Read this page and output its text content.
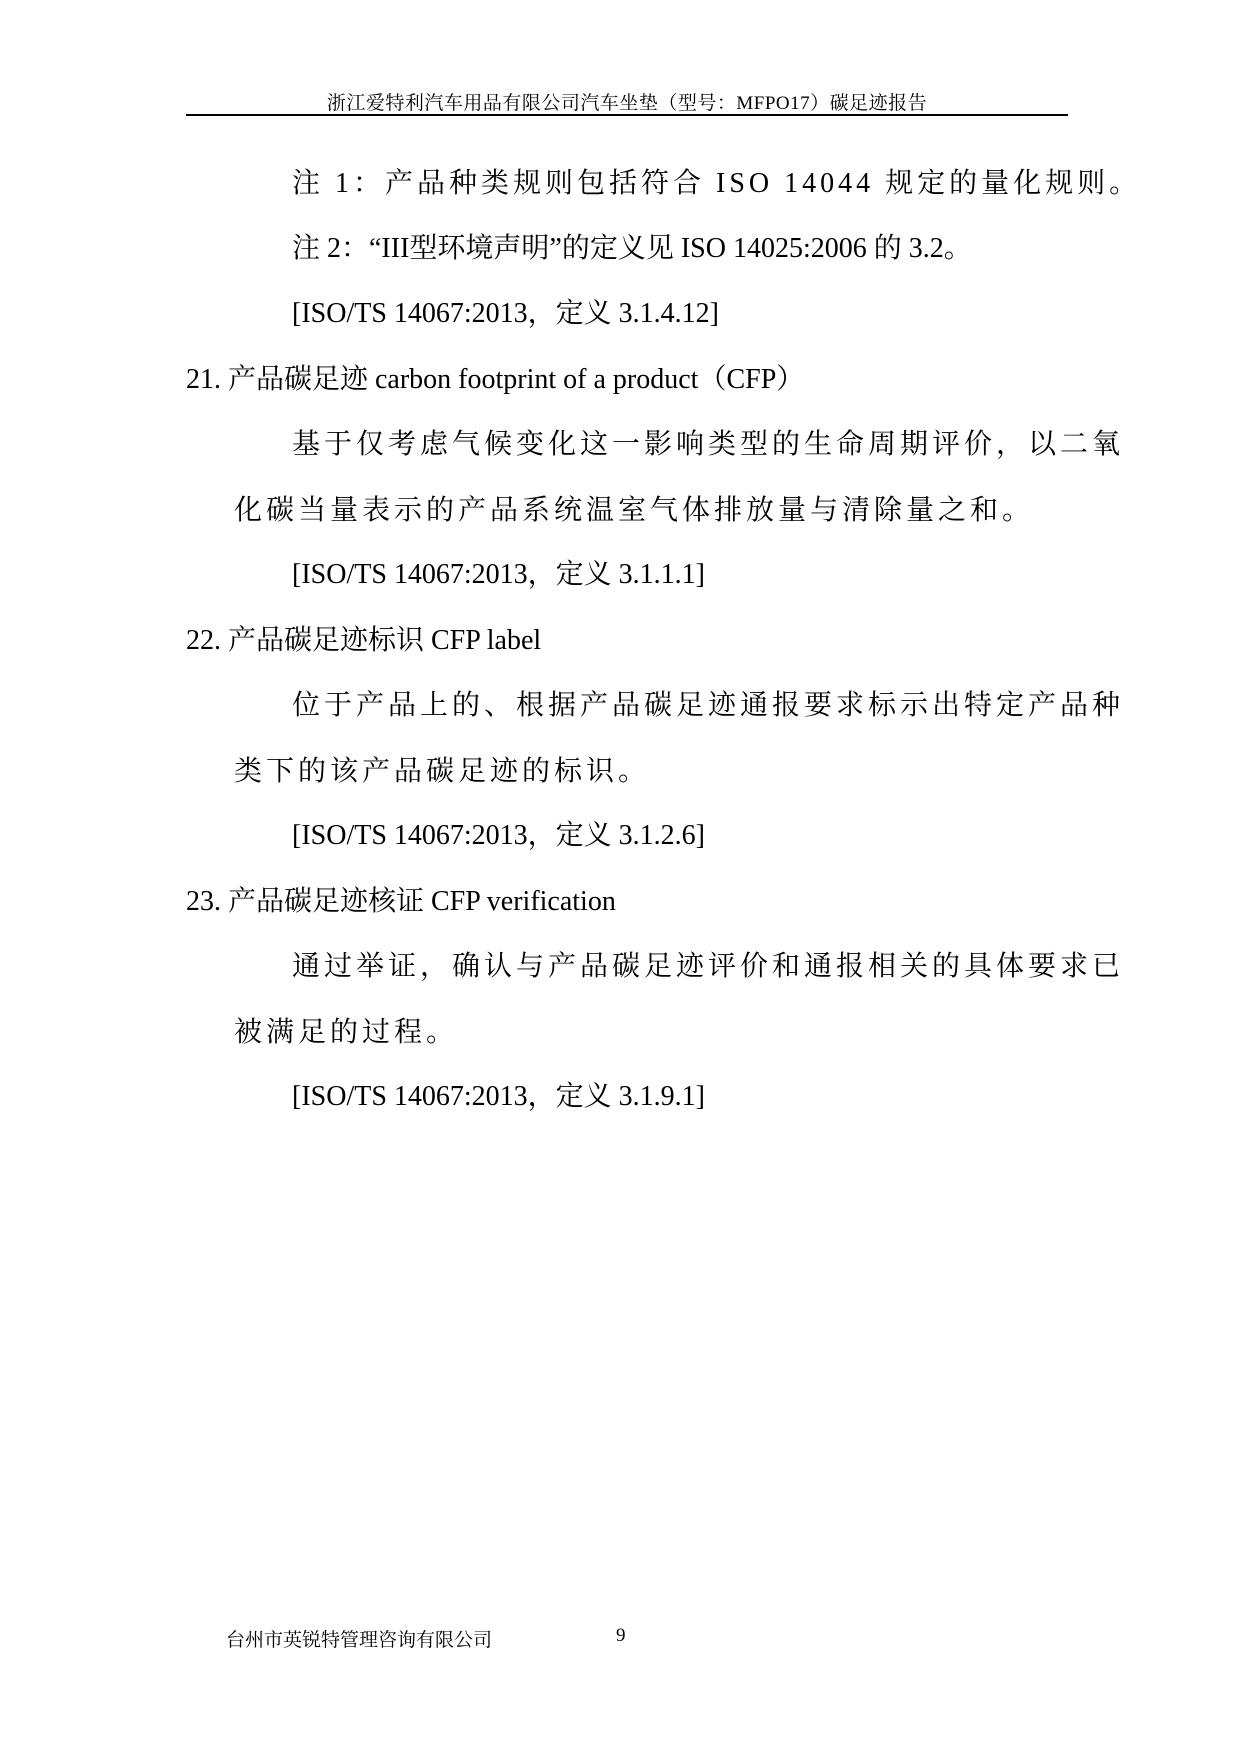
浙江爱特利汽车用品有限公司汽车坐垫（型号：MFPO17）碳足迹报告
注 1：产品种类规则包括符合 ISO 14044 规定的量化规则。
注 2：“III型环境声明”的定义见 ISO 14025:2006 的 3.2。
[ISO/TS 14067:2013，定义 3.1.4.12]
21. 产品碳足迹 carbon footprint of a product（CFP）
基于仅考虑气候变化这一影响类型的生命周期评价，以二氧
化碳当量表示的产品系统温室气体排放量与清除量之和。
[ISO/TS 14067:2013，定义 3.1.1.1]
22. 产品碳足迹标识 CFP label
位于产品上的、根据产品碳足迹通报要求标示出特定产品种
类下的该产品碳足迹的标识。
[ISO/TS 14067:2013，定义 3.1.2.6]
23. 产品碳足迹核证 CFP verification
通过举证，确认与产品碳足迹评价和通报相关的具体要求已
被满足的过程。
[ISO/TS 14067:2013，定义 3.1.9.1]
台州市英锐特管理咨询有限公司	9
